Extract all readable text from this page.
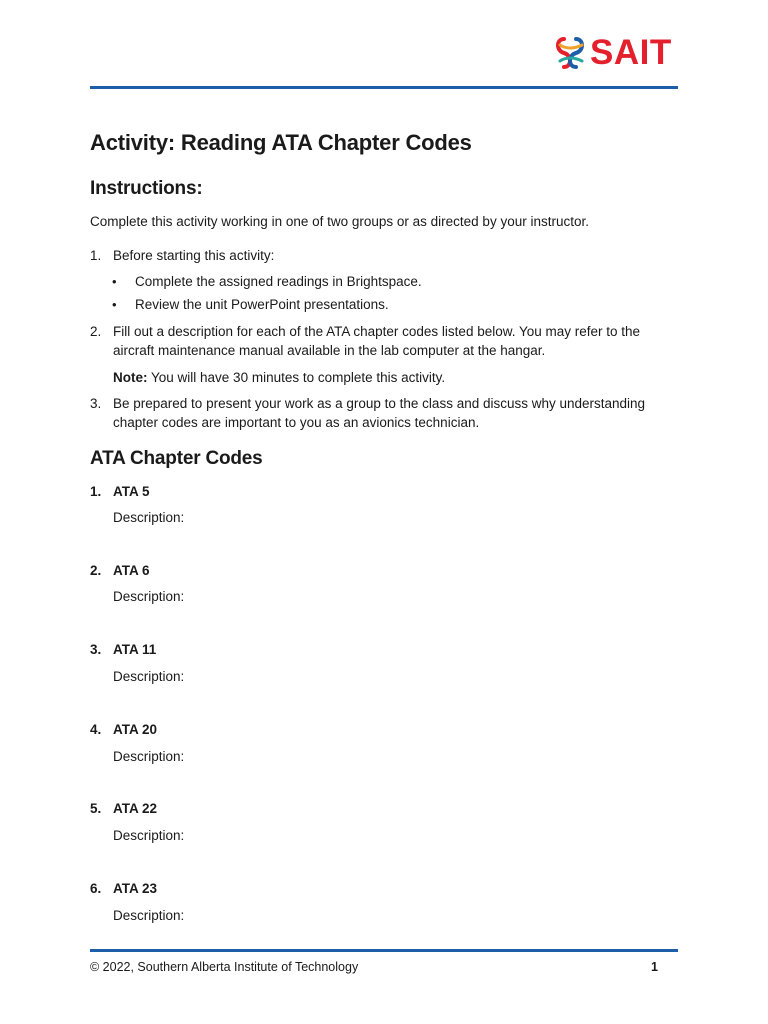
SAIT
Activity: Reading ATA Chapter Codes
Instructions:

Complete this activity working in one of two groups or as directed by your instructor.

1. Before starting this activity:

• Complete the assigned readings in Brightspace.

• Review the unit PowerPoint presentations.

2. Fill out a description for each of the ATA chapter codes listed below. You may refer to the

aircraft maintenance manual available in the lab computer at the hangar.

Note: You will have 30 minutes to complete this activity.

3. Be prepared to present your work as a group to the class and discuss why understanding

chapter codes are important to you as an avionics technician.

ATA Chapter Codes
1. ATA 5
Description:
2. ATA 6
Description:
3. ATA 11
Description:
4. ATA 20
Description:
5. ATA 22
Description:
6. ATA 23
Description:
© 2022, Southern Alberta Institute of Technology	1
